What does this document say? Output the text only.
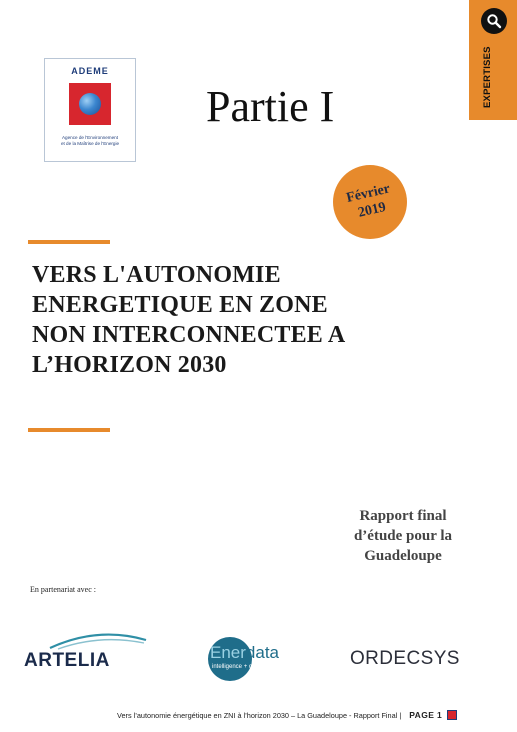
ADEME
Agence de l'Environnement
et de la Maîtrise de l'Energie
EXPERTISES
Partie I
Février
2019
VERS L'AUTONOMIE
ENERGETIQUE EN ZONE
NON INTERCONNECTEE A
L’HORIZON 2030
Rapport final
d’étude pour la
Guadeloupe
En partenariat avec :
ARTELIA	Enerdata
intelligence + consulting	ORDECSYS
Vers l’autonomie énergétique en ZNI à l’horizon 2030 – La Guadeloupe - Rapport Final | PAGE 1
